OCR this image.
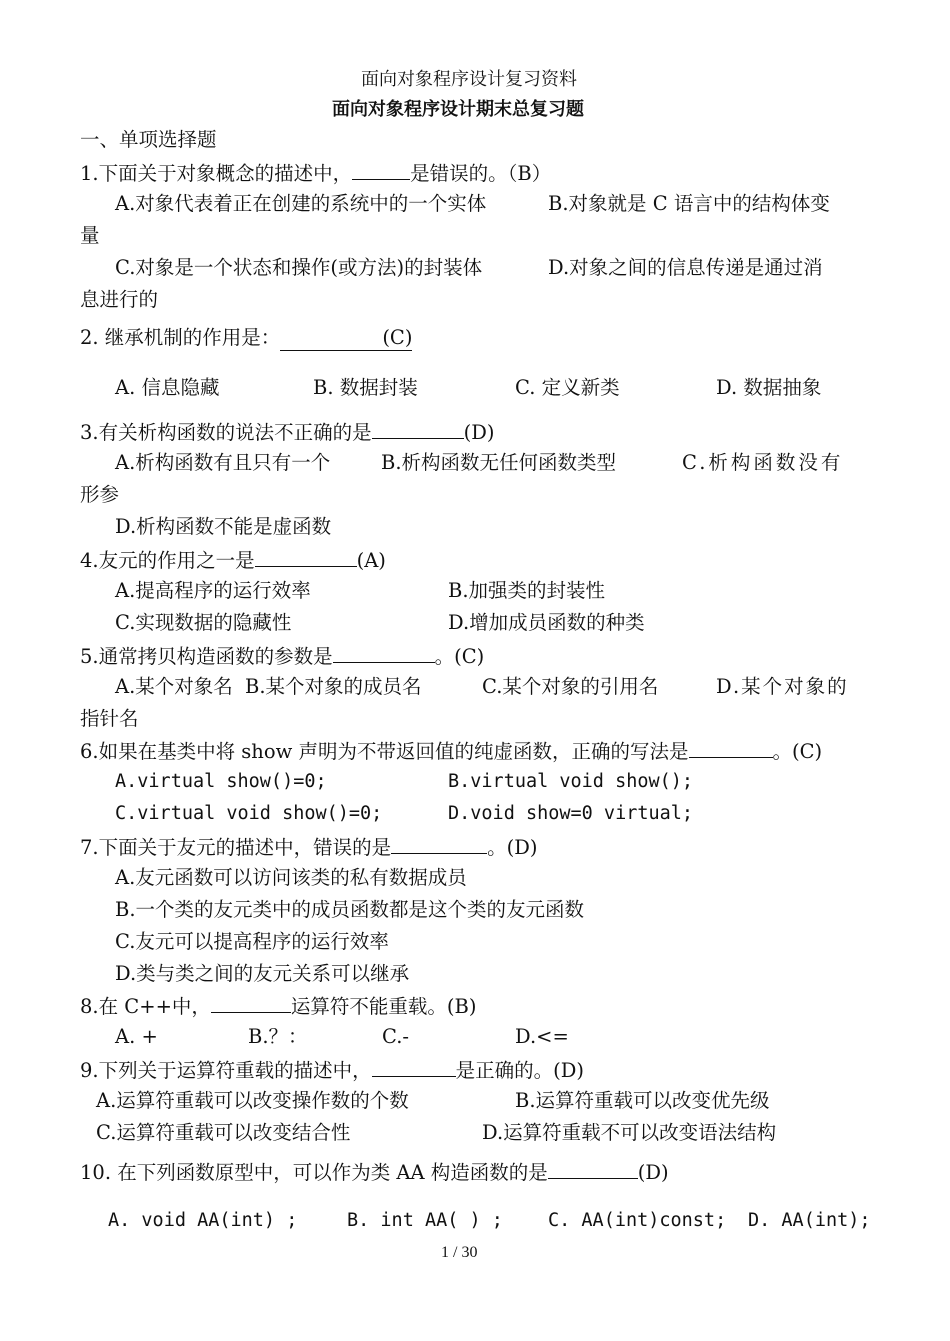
面向对象程序设计复习资料
面向对象程序设计期末总复习题
一、单项选择题
1.下面关于对象概念的描述中，	是错误的。（B）
A.对象代表着正在创建的系统中的一个实体	B.对象就是 C 语言中的结构体变
量
C.对象是一个状态和操作(或方法)的封装体	D.对象之间的信息传递是通过消
息进行的
2. 继承机制的作用是：	(C)
A. 信息隐藏	B. 数据封装	C. 定义新类	D. 数据抽象
3.有关析构函数的说法不正确的是	(D)
A.析构函数有且只有一个	B.析构函数无任何函数类型	C.析构函数没有
形参
D.析构函数不能是虚函数
4.友元的作用之一是	(A)
A.提高程序的运行效率	B.加强类的封装性
C.实现数据的隐藏性	D.增加成员函数的种类
5.通常拷贝构造函数的参数是	。(C)
A.某个对象名 B.某个对象的成员名	C.某个对象的引用名	D.某个对象的
指针名
6.如果在基类中将 show 声明为不带返回值的纯虚函数，正确的写法是	。(C)
A.virtual show()=0;	B.virtual void show();
C.virtual void show()=0;	D.void show=0 virtual;
7.下面关于友元的描述中，错误的是	。(D)
A.友元函数可以访问该类的私有数据成员
B.一个类的友元类中的成员函数都是这个类的友元函数
C.友元可以提高程序的运行效率
D.类与类之间的友元关系可以继承
8.在 C++中，	运算符不能重载。(B)
A. +	B.？：	C.-	D.<=
9.下列关于运算符重载的描述中，	是正确的。(D)
A.运算符重载可以改变操作数的个数	B.运算符重载可以改变优先级
C.运算符重载可以改变结合性	D.运算符重载不可以改变语法结构
10. 在下列函数原型中，可以作为类 AA 构造函数的是	(D)
A. void AA(int) ;	B. int AA( ) ; C. AA(int)const; D. AA(int);
1 / 30
